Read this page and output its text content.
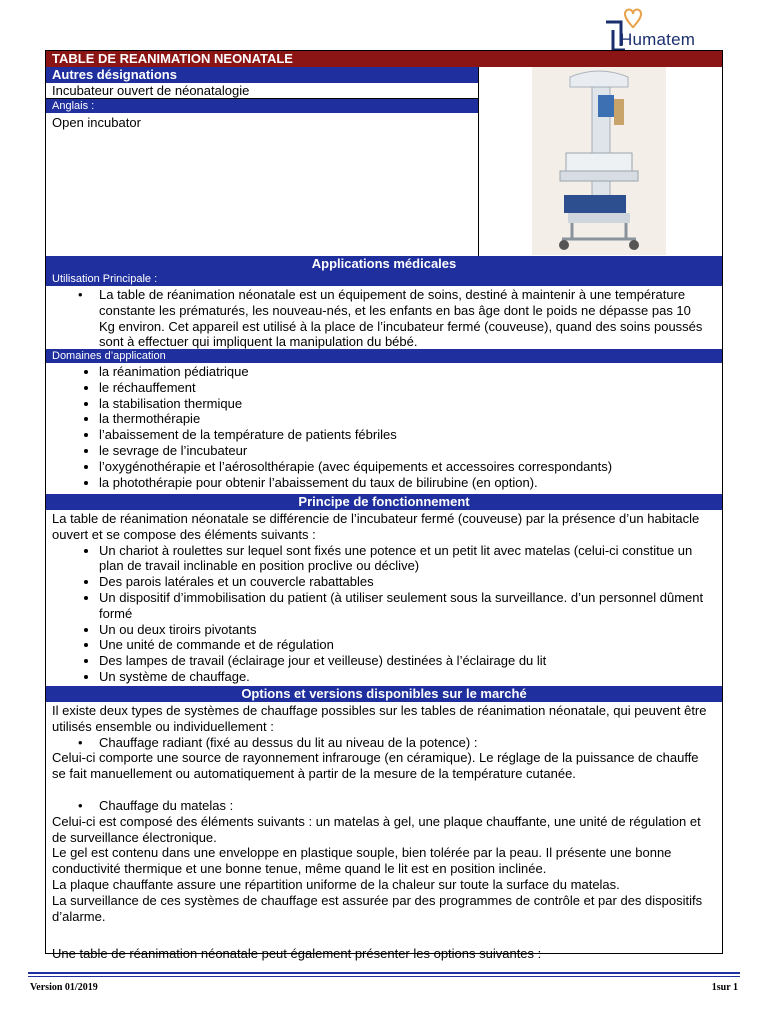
Humatem
TABLE DE REANIMATION NEONATALE
Autres désignations
Incubateur ouvert de néonatalogie
Anglais :
Open incubator
Applications médicales
Utilisation Principale :
• La table de réanimation néonatale est un équipement de soins, destiné à maintenir à une température constante les prématurés, les nouveau-nés, et les enfants en bas âge dont le poids ne dépasse pas 10 Kg environ. Cet appareil est utilisé à la place de l’incubateur fermé (couveuse), quand des soins poussés sont à effectuer qui impliquent la manipulation du bébé.
Domaines d’application
• la réanimation pédiatrique
• le réchauffement
• la stabilisation thermique
• la thermothérapie
• l’abaissement de la température de patients fébriles
• le sevrage de l’incubateur
• l’oxygénothérapie et l’aérosolthérapie (avec équipements et accessoires correspondants)
• la photothérapie pour obtenir l’abaissement du taux de bilirubine (en option).
Principe de fonctionnement
La table de réanimation néonatale se différencie de l’incubateur fermé (couveuse) par la présence d’un habitacle ouvert et se compose des éléments suivants :
• Un chariot à roulettes sur lequel sont fixés une potence et un petit lit avec matelas (celui-ci constitue un plan de travail inclinable en position proclive ou déclive)
• Des parois latérales et un couvercle rabattables
• Un dispositif d’immobilisation du patient (à utiliser seulement sous la surveillance. d’un personnel dûment formé
• Un ou deux tiroirs pivotants
• Une unité de commande et de régulation
• Des lampes de travail (éclairage jour et veilleuse) destinées à l’éclairage du lit
• Un système de chauffage.
Options et versions disponibles sur le marché
Il existe deux types de systèmes de chauffage possibles sur les tables de réanimation néonatale, qui peuvent être utilisés ensemble ou individuellement :
• Chauffage radiant (fixé au dessus du lit au niveau de la potence) :
Celui-ci comporte une source de rayonnement infrarouge (en céramique). Le réglage de la puissance de chauffe se fait manuellement ou automatiquement à partir de la mesure de la température cutanée.
• Chauffage du matelas :
Celui-ci est composé des éléments suivants : un matelas à gel, une plaque chauffante, une unité de régulation et de surveillance électronique.
Le gel est contenu dans une enveloppe en plastique souple, bien tolérée par la peau. Il présente une bonne conductivité thermique et une bonne tenue, même quand le lit est en position inclinée.
La plaque chauffante assure une répartition uniforme de la chaleur sur toute la surface du matelas.
La surveillance de ces systèmes de chauffage est assurée par des programmes de contrôle et par des dispositifs d’alarme.
Une table de réanimation néonatale peut également présenter les options suivantes :
Version 01/2019	1sur 1
